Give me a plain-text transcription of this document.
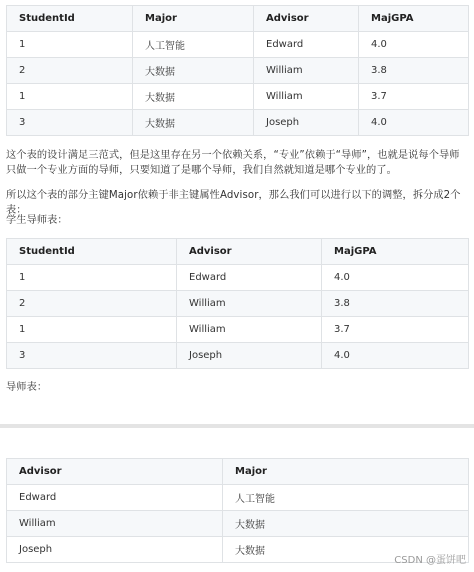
StudentId	Major	Advisor	MajGPA
1	人工智能	Edward	4.0
2	大数据	William	3.8
1	大数据	William	3.7
3	大数据	Joseph	4.0

这个表的设计满足三范式，但是这里存在另一个依赖关系，“专业”依赖于“导师”，也就是说每个导师只做一个专业方面的导师，只要知道了是哪个导师，我们自然就知道是哪个专业的了。

所以这个表的部分主键Major依赖于非主键属性Advisor，那么我们可以进行以下的调整，拆分成2个表：

学生导师表：

StudentId	Advisor	MajGPA
1	Edward	4.0
2	William	3.8
1	William	3.7
3	Joseph	4.0

导师表：

Advisor	Major
Edward	人工智能
William	大数据
Joseph	大数据
CSDN @蛋饼吧
